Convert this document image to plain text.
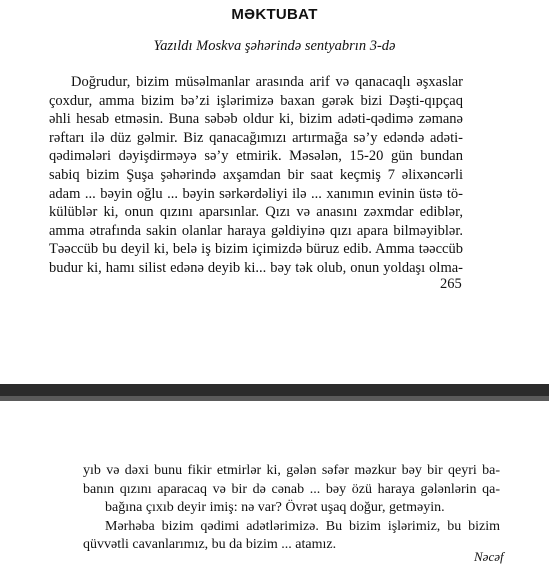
MƏKTUBAT
Yazıldı Moskva şəhərində sentyabrın 3-də
Doğrudur, bizim müsəlmanlar arasında arif və qanacaqlı əşxaslar
çoxdur, amma bizim bə’zi işlərimizə baxan gərək bizi Dəşti-qıpçaq
əhli hesab etməsin. Buna səbəb oldur ki, bizim adəti-qədimə zəmanə
rəftarı ilə düz gəlmir. Biz qanacağımızı artırmağa sə’y edəndə adəti-
qədimələri dəyişdirməyə sə’y etmirik. Məsələn, 15-20 gün bundan
sabiq bizim Şuşa şəhərində axşamdan bir saat keçmiş 7 əlixəncərli
adam ... bəyin oğlu ... bəyin sərkərdəliyi ilə ... xanımın evinin üstə tö-
külüblər ki, onun qızını aparsınlar. Qızı və anasını zəxmdar ediblər,
amma ətrafında sakin olanlar haraya gəldiyinə qızı apara bilməyiblər.
Təəccüb bu deyil ki, belə iş bizim içimizdə büruz edib. Amma təəccüb
budur ki, hamı silist edənə deyib ki... bəy tək olub, onun yoldaşı olma-
265
yıb və dəxi bunu fikir etmirlər ki, gələn səfər məzkur bəy bir qeyri ba-
banın qızını aparacaq və bir də cənab ... bəy özü haraya gələnlərin qa-
bağına çıxıb deyir imiş: nə var? Övrət uşaq doğur, getməyin.
Mərhəba bizim qədimi adətlərimizə. Bu bizim işlərimiz, bu bizim
qüvvətli cavanlarımız, bu da bizim ... atamız.
Nəcəf
